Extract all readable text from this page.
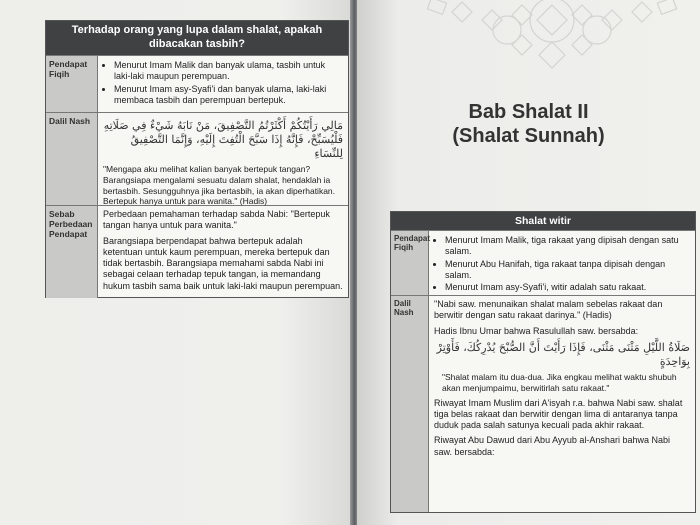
Terhadap orang yang lupa dalam shalat, apakah dibacakan tasbih?
Pendapat Fiqih
• Menurut Imam Malik dan banyak ulama, tasbih untuk laki-laki maupun perempuan.
• Menurut Imam asy-Syafi'i dan banyak ulama, laki-laki membaca tasbih dan perempuan bertepuk.
Dalil Nash	مَالِي رَأَيْتُكُمْ أَكْثَرْتُمُ التَّصْفِيقَ، مَنْ نَابَهُ شَيْءٌ فِي صَلَاتِهِ فَلْيُسَبِّحْ، فَإِنَّهُ إِذَا سَبَّحَ الْتُفِتَ إِلَيْهِ، وَإِنَّمَا التَّصْفِيقُ لِلنِّسَاءِ
"Mengapa aku melihat kalian banyak bertepuk tangan? Barangsiapa mengalami sesuatu dalam shalat, hendaklah ia bertasbih. Sesungguhnya jika bertasbih, ia akan diperhatikan. Bertepuk hanya untuk para wanita." (Hadis)
Sebab Perbedaan Pendapat

Perbedaan pemahaman terhadap sabda Nabi: "Bertepuk tangan hanya untuk para wanita."

Barangsiapa berpendapat bahwa bertepuk adalah ketentuan untuk kaum perempuan, mereka bertepuk dan tidak bertasbih. Barangsiapa memahami sabda Nabi ini sebagai celaan terhadap tepuk tangan, ia memandang hukum tasbih sama baik untuk laki-laki maupun perempuan.

Bab Shalat II
(Shalat Sunnah)
Shalat witir
Pendapat Fiqih
• Menurut Imam Malik, tiga rakaat yang dipisah dengan satu salam.
• Menurut Abu Hanifah, tiga rakaat tanpa dipisah dengan salam.
• Menurut Imam asy-Syafi'i, witir adalah satu rakaat.
Dalil Nash

"Nabi saw. menunaikan shalat malam sebelas rakaat dan berwitir dengan satu rakaat darinya." (Hadis)

Hadis Ibnu Umar bahwa Rasulullah saw. bersabda:

صَلَاةُ اللَّيْلِ مَثْنَى مَثْنَى، فَإِذَا رَأَيْتَ أَنَّ الصُّبْحَ يُدْرِكُكَ، فَأَوْتِرْ بِوَاحِدَةٍ

"Shalat malam itu dua-dua. Jika engkau melihat waktu shubuh akan menjumpaimu, berwitirlah satu rakaat."

Riwayat Imam Muslim dari A'isyah r.a. bahwa Nabi saw. shalat tiga belas rakaat dan berwitir dengan lima di antaranya tanpa duduk pada salah satunya kecuali pada akhir rakaat.

Riwayat Abu Dawud dari Abu Ayyub al-Anshari bahwa Nabi saw. bersabda:
